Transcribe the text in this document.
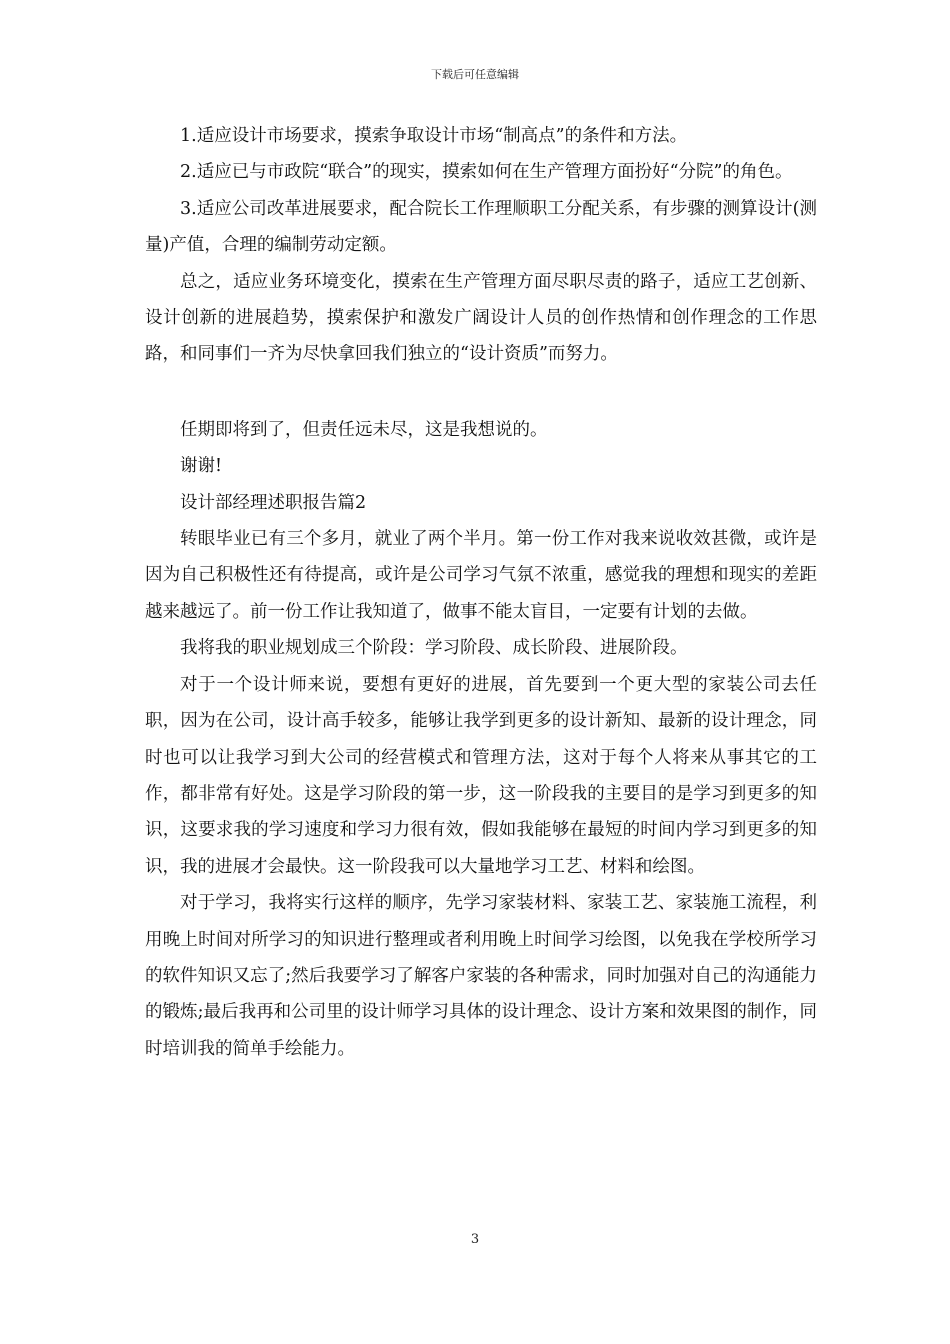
下载后可任意编辑

1.适应设计市场要求，摸索争取设计市场“制高点”的条件和方法。

2.适应已与市政院“联合”的现实，摸索如何在生产管理方面扮好“分院”的角色。

3.适应公司改革进展要求，配合院长工作理顺职工分配关系，有步骤的测算设计(测量)产值，合理的编制劳动定额。

总之，适应业务环境变化，摸索在生产管理方面尽职尽责的路子，适应工艺创新、设计创新的进展趋势，摸索保护和激发广阔设计人员的创作热情和创作理念的工作思路，和同事们一齐为尽快拿回我们独立的“设计资质”而努力。

任期即将到了，但责任远未尽，这是我想说的。

谢谢!

设计部经理述职报告篇2

转眼毕业已有三个多月，就业了两个半月。第一份工作对我来说收效甚微，或许是因为自己积极性还有待提高，或许是公司学习气氛不浓重，感觉我的理想和现实的差距越来越远了。前一份工作让我知道了，做事不能太盲目，一定要有计划的去做。

我将我的职业规划成三个阶段：学习阶段、成长阶段、进展阶段。

对于一个设计师来说，要想有更好的进展，首先要到一个更大型的家装公司去任职，因为在公司，设计高手较多，能够让我学到更多的设计新知、最新的设计理念，同时也可以让我学习到大公司的经营模式和管理方法，这对于每个人将来从事其它的工作，都非常有好处。这是学习阶段的第一步，这一阶段我的主要目的是学习到更多的知识，这要求我的学习速度和学习力很有效，假如我能够在最短的时间内学习到更多的知识，我的进展才会最快。这一阶段我可以大量地学习工艺、材料和绘图。

对于学习，我将实行这样的顺序，先学习家装材料、家装工艺、家装施工流程，利用晚上时间对所学习的知识进行整理或者利用晚上时间学习绘图，以免我在学校所学习的软件知识又忘了;然后我要学习了解客户家装的各种需求，同时加强对自己的沟通能力的锻炼;最后我再和公司里的设计师学习具体的设计理念、设计方案和效果图的制作，同时培训我的简单手绘能力。

3
